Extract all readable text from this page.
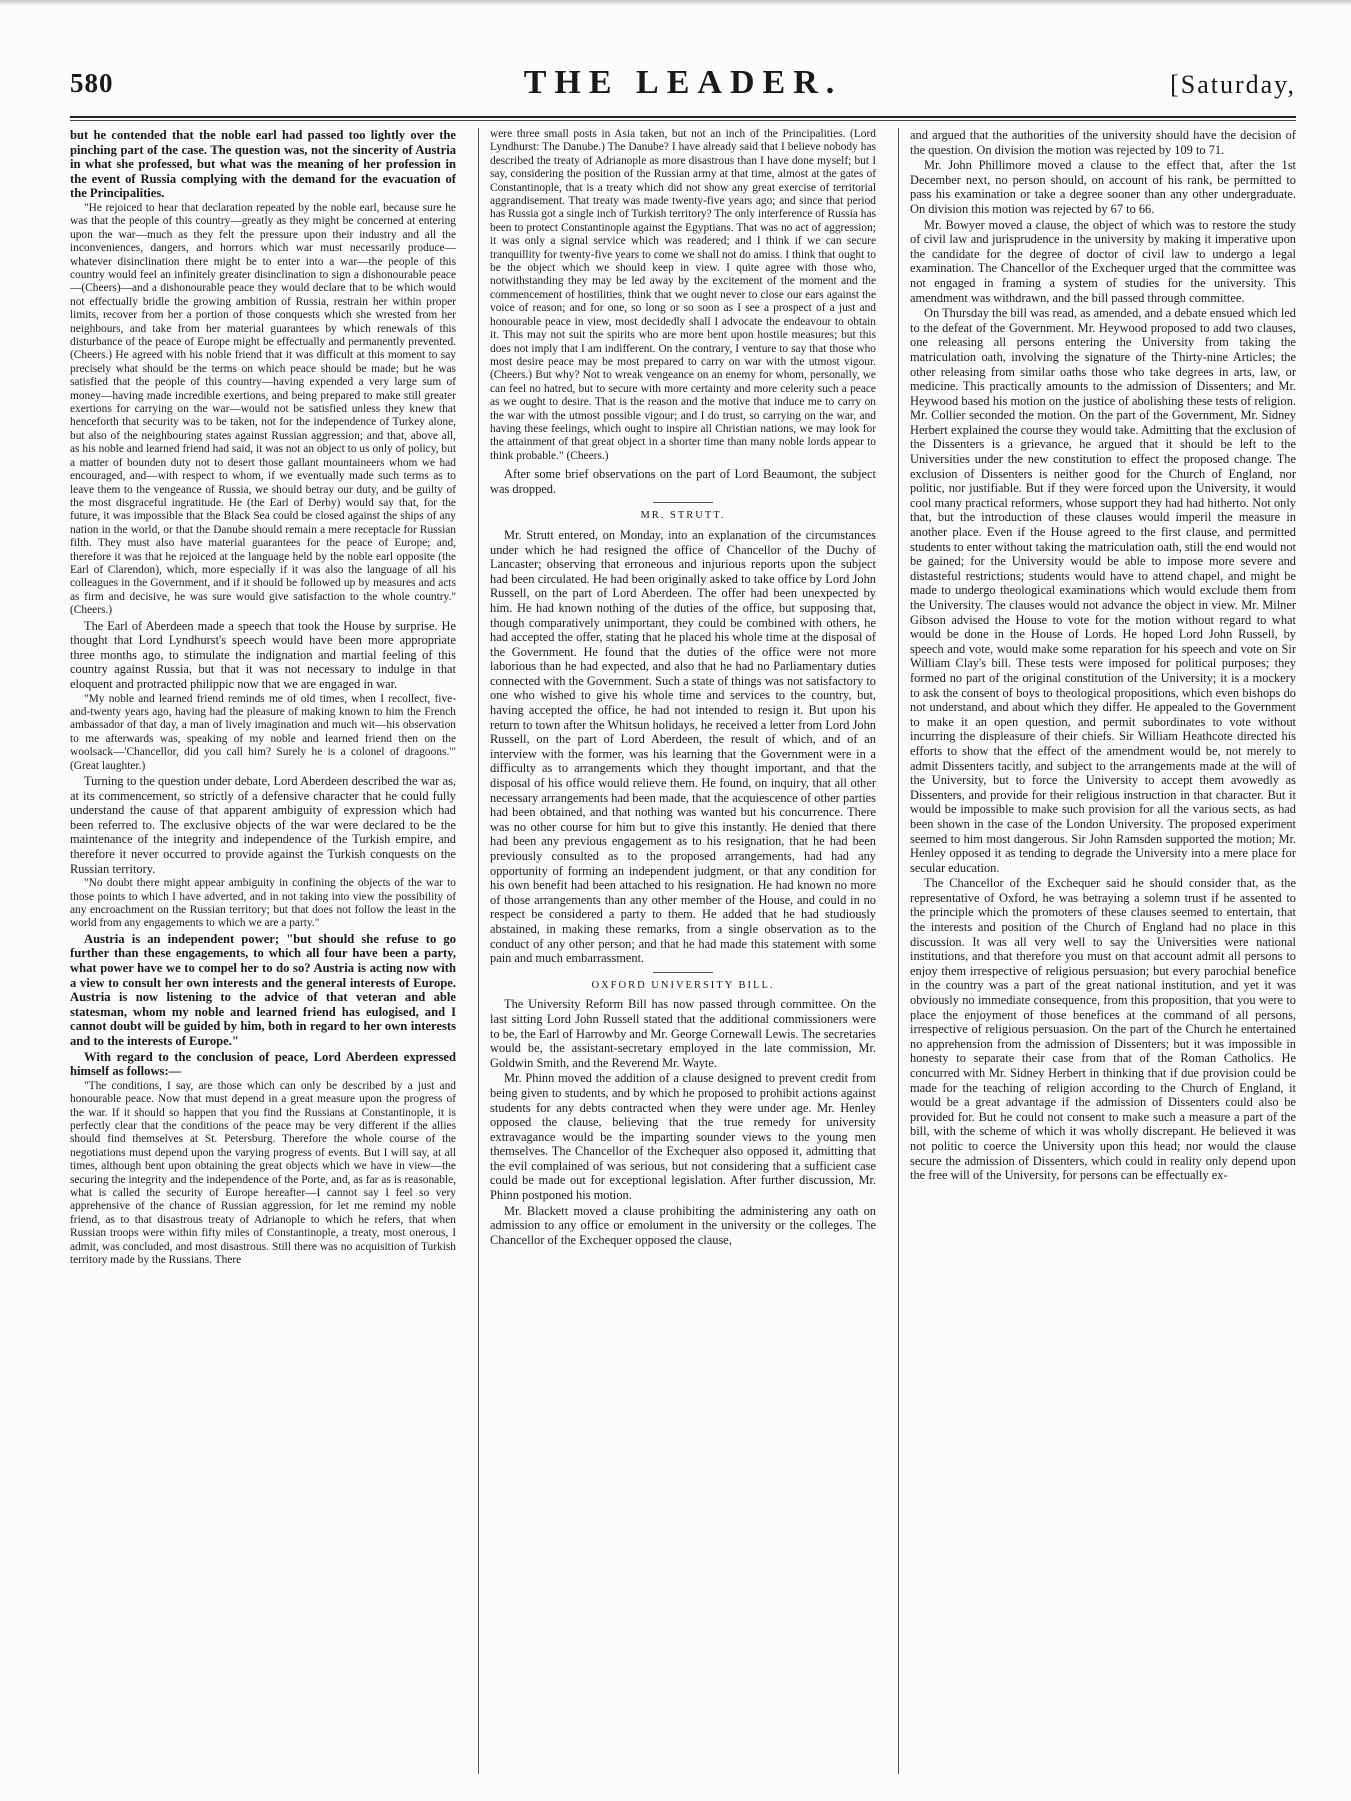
580	THE LEADER.	[Saturday,

but he contended that the noble earl had passed too lightly over the pinching part of the case. The question was, not the sincerity of Austria in what she professed, but what was the meaning of her profession in the event of Russia complying with the demand for the evacuation of the Principalities.

"He rejoiced to hear that declaration repeated by the noble earl, because sure he was that the people of this country—greatly as they might be concerned at entering upon the war—much as they felt the pressure upon their industry and all the inconveniences, dangers, and horrors which war must necessarily produce—whatever disinclination there might be to enter into a war—the people of this country would feel an infinitely greater disinclination to sign a dishonourable peace—(Cheers)—and a dishonourable peace they would declare that to be which would not effectually bridle the growing ambition of Russia, restrain her within proper limits, recover from her a portion of those conquests which she wrested from her neighbours, and take from her material guarantees by which renewals of this disturbance of the peace of Europe might be effectually and permanently prevented. (Cheers.) He agreed with his noble friend that it was difficult at this moment to say precisely what should be the terms on which peace should be made; but he was satisfied that the people of this country—having expended a very large sum of money—having made incredible exertions, and being prepared to make still greater exertions for carrying on the war—would not be satisfied unless they knew that henceforth that security was to be taken, not for the independence of Turkey alone, but also of the neighbouring states against Russian aggression; and that, above all, as his noble and learned friend had said, it was not an object to us only of policy, but a matter of bounden duty not to desert those gallant mountaineers whom we had encouraged, and—with respect to whom, if we eventually made such terms as to leave them to the vengeance of Russia, we should betray our duty, and be guilty of the most disgraceful ingratitude. He (the Earl of Derby) would say that, for the future, it was impossible that the Black Sea could be closed against the ships of any nation in the world, or that the Danube should remain a mere receptacle for Russian filth. They must also have material guarantees for the peace of Europe; and, therefore it was that he rejoiced at the language held by the noble earl opposite (the Earl of Clarendon), which, more especially if it was also the language of all his colleagues in the Government, and if it should be followed up by measures and acts as firm and decisive, he was sure would give satisfaction to the whole country." (Cheers.)

The Earl of Aberdeen made a speech that took the House by surprise. He thought that Lord Lyndhurst's speech would have been more appropriate three months ago, to stimulate the indignation and martial feeling of this country against Russia, but that it was not necessary to indulge in that eloquent and protracted philippic now that we are engaged in war.

"My noble and learned friend reminds me of old times, when I recollect, five-and-twenty years ago, having had the pleasure of making known to him the French ambassador of that day, a man of lively imagination and much wit—his observation to me afterwards was, speaking of my noble and learned friend then on the woolsack—'Chancellor, did you call him? Surely he is a colonel of dragoons.'" (Great laughter.)

Turning to the question under debate, Lord Aberdeen described the war as, at its commencement, so strictly of a defensive character that he could fully understand the cause of that apparent ambiguity of expression which had been referred to. The exclusive objects of the war were declared to be the maintenance of the integrity and independence of the Turkish empire, and therefore it never occurred to provide against the Turkish conquests on the Russian territory.

"No doubt there might appear ambiguity in confining the objects of the war to those points to which I have adverted, and in not taking into view the possibility of any encroachment on the Russian territory; but that does not follow the least in the world from any engagements to which we are a party."

Austria is an independent power; "but should she refuse to go further than these engagements, to which all four have been a party, what power have we to compel her to do so? Austria is acting now with a view to consult her own interests and the general interests of Europe. Austria is now listening to the advice of that veteran and able statesman, whom my noble and learned friend has eulogised, and I cannot doubt will be guided by him, both in regard to her own interests and to the interests of Europe."

With regard to the conclusion of peace, Lord Aberdeen expressed himself as follows:—

"The conditions, I say, are those which can only be described by a just and honourable peace. Now that must depend in a great measure upon the progress of the war. If it should so happen that you find the Russians at Constantinople, it is perfectly clear that the conditions of the peace may be very different if the allies should find themselves at St. Petersburg. Therefore the whole course of the negotiations must depend upon the varying progress of events. But I will say, at all times, although bent upon obtaining the great objects which we have in view—the securing the integrity and the independence of the Porte, and, as far as is reasonable, what is called the security of Europe hereafter—I cannot say I feel so very apprehensive of the chance of Russian aggression, for let me remind my noble friend, as to that disastrous treaty of Adrianople to which he refers, that when Russian troops were within fifty miles of Constantinople, a treaty, most onerous, I admit, was concluded, and most disastrous. Still there was no acquisition of Turkish territory made by the Russians. There

were three small posts in Asia taken, but not an inch of the Principalities. (Lord Lyndhurst: The Danube.) The Danube? I have already said that I believe nobody has described the treaty of Adrianople as more disastrous than I have done myself; but I say, considering the position of the Russian army at that time, almost at the gates of Constantinople, that is a treaty which did not show any great exercise of territorial aggrandisement. That treaty was made twenty-five years ago; and since that period has Russia got a single inch of Turkish territory? The only interference of Russia has been to protect Constantinople against the Egyptians. That was no act of aggression; it was only a signal service which was readered; and I think if we can secure tranquillity for twenty-five years to come we shall not do amiss. I think that ought to be the object which we should keep in view. I quite agree with those who, notwithstanding they may be led away by the excitement of the moment and the commencement of hostilities, think that we ought never to close our ears against the voice of reason; and for one, so long or so soon as I see a prospect of a just and honourable peace in view, most decidedly shall I advocate the endeavour to obtain it. This may not suit the spirits who are more bent upon hostile measures; but this does not imply that I am indifferent. On the contrary, I venture to say that those who most desire peace may be most prepared to carry on war with the utmost vigour. (Cheers.) But why? Not to wreak vengeance on an enemy for whom, personally, we can feel no hatred, but to secure with more certainty and more celerity such a peace as we ought to desire. That is the reason and the motive that induce me to carry on the war with the utmost possible vigour; and I do trust, so carrying on the war, and having these feelings, which ought to inspire all Christian nations, we may look for the attainment of that great object in a shorter time than many noble lords appear to think probable." (Cheers.)

After some brief observations on the part of Lord Beaumont, the subject was dropped.

MR. STRUTT.

Mr. Strutt entered, on Monday, into an explanation of the circumstances under which he had resigned the office of Chancellor of the Duchy of Lancaster; observing that erroneous and injurious reports upon the subject had been circulated. He had been originally asked to take office by Lord John Russell, on the part of Lord Aberdeen. The offer had been unexpected by him. He had known nothing of the duties of the office, but supposing that, though comparatively unimportant, they could be combined with others, he had accepted the offer, stating that he placed his whole time at the disposal of the Government. He found that the duties of the office were not more laborious than he had expected, and also that he had no Parliamentary duties connected with the Government. Such a state of things was not satisfactory to one who wished to give his whole time and services to the country, but, having accepted the office, he had not intended to resign it. But upon his return to town after the Whitsun holidays, he received a letter from Lord John Russell, on the part of Lord Aberdeen, the result of which, and of an interview with the former, was his learning that the Government were in a difficulty as to arrangements which they thought important, and that the disposal of his office would relieve them. He found, on inquiry, that all other necessary arrangements had been made, that the acquiescence of other parties had been obtained, and that nothing was wanted but his concurrence. There was no other course for him but to give this instantly. He denied that there had been any previous engagement as to his resignation, that he had been previously consulted as to the proposed arrangements, had had any opportunity of forming an independent judgment, or that any condition for his own benefit had been attached to his resignation. He had known no more of those arrangements than any other member of the House, and could in no respect be considered a party to them. He added that he had studiously abstained, in making these remarks, from a single observation as to the conduct of any other person; and that he had made this statement with some pain and much embarrassment.

OXFORD UNIVERSITY BILL.

The University Reform Bill has now passed through committee. On the last sitting Lord John Russell stated that the additional commissioners were to be, the Earl of Harrowby and Mr. George Cornewall Lewis. The secretaries would be, the assistant-secretary employed in the late commission, Mr. Goldwin Smith, and the Reverend Mr. Wayte.

Mr. Phinn moved the addition of a clause designed to prevent credit from being given to students, and by which he proposed to prohibit actions against students for any debts contracted when they were under age. Mr. Henley opposed the clause, believing that the true remedy for university extravagance would be the imparting sounder views to the young men themselves. The Chancellor of the Exchequer also opposed it, admitting that the evil complained of was serious, but not considering that a sufficient case could be made out for exceptional legislation. After further discussion, Mr. Phinn postponed his motion.

Mr. Blackett moved a clause prohibiting the administering any oath on admission to any office or emolument in the university or the colleges. The Chancellor of the Exchequer opposed the clause,

and argued that the authorities of the university should have the decision of the question. On division the motion was rejected by 109 to 71.

Mr. John Phillimore moved a clause to the effect that, after the 1st December next, no person should, on account of his rank, be permitted to pass his examination or take a degree sooner than any other undergraduate. On division this motion was rejected by 67 to 66.

Mr. Bowyer moved a clause, the object of which was to restore the study of civil law and jurisprudence in the university by making it imperative upon the candidate for the degree of doctor of civil law to undergo a legal examination. The Chancellor of the Exchequer urged that the committee was not engaged in framing a system of studies for the university. This amendment was withdrawn, and the bill passed through committee.

On Thursday the bill was read, as amended, and a debate ensued which led to the defeat of the Government. Mr. Heywood proposed to add two clauses, one releasing all persons entering the University from taking the matriculation oath, involving the signature of the Thirty-nine Articles; the other releasing from similar oaths those who take degrees in arts, law, or medicine. This practically amounts to the admission of Dissenters; and Mr. Heywood based his motion on the justice of abolishing these tests of religion. Mr. Collier seconded the motion. On the part of the Government, Mr. Sidney Herbert explained the course they would take. Admitting that the exclusion of the Dissenters is a grievance, he argued that it should be left to the Universities under the new constitution to effect the proposed change. The exclusion of Dissenters is neither good for the Church of England, nor politic, nor justifiable. But if they were forced upon the University, it would cool many practical reformers, whose support they had had hitherto. Not only that, but the introduction of these clauses would imperil the measure in another place. Even if the House agreed to the first clause, and permitted students to enter without taking the matriculation oath, still the end would not be gained; for the University would be able to impose more severe and distasteful restrictions; students would have to attend chapel, and might be made to undergo theological examinations which would exclude them from the University. The clauses would not advance the object in view. Mr. Milner Gibson advised the House to vote for the motion without regard to what would be done in the House of Lords. He hoped Lord John Russell, by speech and vote, would make some reparation for his speech and vote on Sir William Clay's bill. These tests were imposed for political purposes; they formed no part of the original constitution of the University; it is a mockery to ask the consent of boys to theological propositions, which even bishops do not understand, and about which they differ. He appealed to the Government to make it an open question, and permit subordinates to vote without incurring the displeasure of their chiefs. Sir William Heathcote directed his efforts to show that the effect of the amendment would be, not merely to admit Dissenters tacitly, and subject to the arrangements made at the will of the University, but to force the University to accept them avowedly as Dissenters, and provide for their religious instruction in that character. But it would be impossible to make such provision for all the various sects, as had been shown in the case of the London University. The proposed experiment seemed to him most dangerous. Sir John Ramsden supported the motion; Mr. Henley opposed it as tending to degrade the University into a mere place for secular education.

The Chancellor of the Exchequer said he should consider that, as the representative of Oxford, he was betraying a solemn trust if he assented to the principle which the promoters of these clauses seemed to entertain, that the interests and position of the Church of England had no place in this discussion. It was all very well to say the Universities were national institutions, and that therefore you must on that account admit all persons to enjoy them irrespective of religious persuasion; but every parochial benefice in the country was a part of the great national institution, and yet it was obviously no immediate consequence, from this proposition, that you were to place the enjoyment of those benefices at the command of all persons, irrespective of religious persuasion. On the part of the Church he entertained no apprehension from the admission of Dissenters; but it was impossible in honesty to separate their case from that of the Roman Catholics. He concurred with Mr. Sidney Herbert in thinking that if due provision could be made for the teaching of religion according to the Church of England, it would be a great advantage if the admission of Dissenters could also be provided for. But he could not consent to make such a measure a part of the bill, with the scheme of which it was wholly discrepant. He believed it was not politic to coerce the University upon this head; nor would the clause secure the admission of Dissenters, which could in reality only depend upon the free will of the University, for persons can be effectually ex-
